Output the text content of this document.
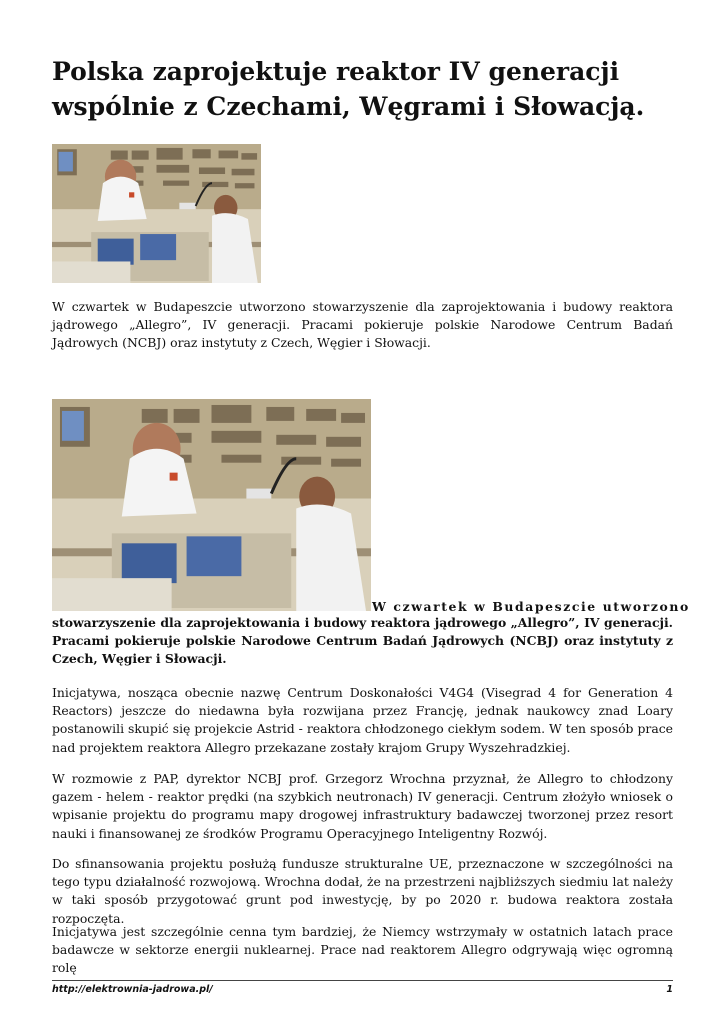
Polska zaprojektuje reaktor IV generacji wspólnie z Czechami, Węgrami i Słowacją.

W czwartek w Budapeszcie utworzono stowarzyszenie dla zaprojektowania i budowy reaktora jądrowego „Allegro”, IV generacji. Pracami pokieruje polskie Narodowe Centrum Badań Jądrowych (NCBJ) oraz instytuty z Czech, Węgier i Słowacji.

W czwartek w Budapeszcie utworzono

stowarzyszenie dla zaprojektowania i budowy reaktora jądrowego „Allegro”, IV generacji. Pracami pokieruje polskie Narodowe Centrum Badań Jądrowych (NCBJ) oraz instytuty z Czech, Węgier i Słowacji.

Inicjatywa, nosząca obecnie nazwę Centrum Doskonałości V4G4 (Visegrad 4 for Generation 4 Reactors) jeszcze do niedawna była rozwijana przez Francję, jednak naukowcy znad Loary postanowili skupić się projekcie Astrid - reaktora chłodzonego ciekłym sodem. W ten sposób prace nad projektem reaktora Allegro przekazane zostały krajom Grupy Wyszehradzkiej.

W rozmowie z PAP, dyrektor NCBJ prof. Grzegorz Wrochna przyznał, że Allegro to chłodzony gazem - helem - reaktor prędki (na szybkich neutronach) IV generacji. Centrum złożyło wniosek o wpisanie projektu do programu mapy drogowej infrastruktury badawczej tworzonej przez resort nauki i finansowanej ze środków Programu Operacyjnego Inteligentny Rozwój.

Do sfinansowania projektu posłużą fundusze strukturalne UE, przeznaczone w szczególności na tego typu działalność rozwojową. Wrochna dodał, że na przestrzeni najbliższych siedmiu lat należy w taki sposób przygotować grunt pod inwestycję, by po 2020 r. budowa reaktora została rozpoczęta.

Inicjatywa jest szczególnie cenna tym bardziej, że Niemcy wstrzymały w ostatnich latach prace badawcze w sektorze energii nuklearnej. Prace nad reaktorem Allegro odgrywają więc ogromną rolę

http://elektrownia-jadrowa.pl/	1
